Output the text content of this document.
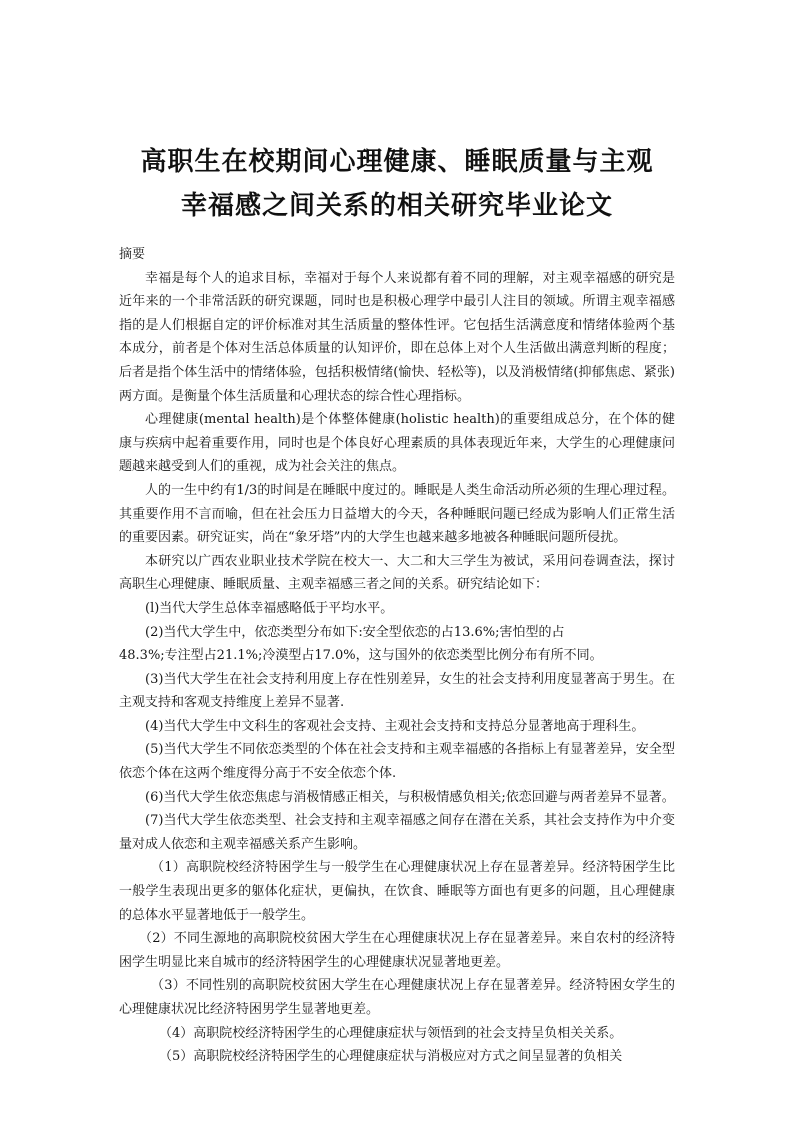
高职生在校期间心理健康、睡眠质量与主观
幸福感之间关系的相关研究毕业论文

摘要

幸福是每个人的追求目标，幸福对于每个人来说都有着不同的理解，对主观幸福感的研究是近年来的一个非常活跃的研究课题，同时也是积极心理学中最引人注目的领域。所谓主观幸福感指的是人们根据自定的评价标准对其生活质量的整体性评。它包括生活满意度和情绪体验两个基本成分，前者是个体对生活总体质量的认知评价，即在总体上对个人生活做出满意判断的程度；后者是指个体生活中的情绪体验，包括积极情绪(愉快、轻松等)，以及消极情绪(抑郁焦虑、紧张)两方面。是衡量个体生活质量和心理状态的综合性心理指标。

心理健康(mental health)是个体整体健康(holistic health)的重要组成总分，在个体的健康与疾病中起着重要作用，同时也是个体良好心理素质的具体表现近年来，大学生的心理健康问题越来越受到人们的重视，成为社会关注的焦点。

人的一生中约有1/3的时间是在睡眠中度过的。睡眠是人类生命活动所必须的生理心理过程。其重要作用不言而喻，但在社会压力日益增大的今天，各种睡眠问题已经成为影响人们正常生活的重要因素。研究证实，尚在“象牙塔”内的大学生也越来越多地被各种睡眠问题所侵扰。

本研究以广西农业职业技术学院在校大一、大二和大三学生为被试，采用问卷调查法，探讨高职生心理健康、睡眠质量、主观幸福感三者之间的关系。研究结论如下：

(l)当代大学生总体幸福感略低于平均水平。

(2)当代大学生中，依恋类型分布如下:安全型依恋的占13.6%;害怕型的占

48.3%;专注型占21.1%;冷漠型占17.0%，这与国外的依恋类型比例分布有所不同。

(3)当代大学生在社会支持利用度上存在性别差异，女生的社会支持利用度显著高于男生。在主观支持和客观支持维度上差异不显著.

(4)当代大学生中文科生的客观社会支持、主观社会支持和支持总分显著地高于理科生。

(5)当代大学生不同依恋类型的个体在社会支持和主观幸福感的各指标上有显著差异，安全型依恋个体在这两个维度得分高于不安全依恋个体.

(6)当代大学生依恋焦虑与消极情感正相关，与积极情感负相关;依恋回避与两者差异不显著。

(7)当代大学生依恋类型、社会支持和主观幸福感之间存在潜在关系，其社会支持作为中介变量对成人依恋和主观幸福感关系产生影响。

（1）高职院校经济特困学生与一般学生在心理健康状况上存在显著差异。经济特困学生比一般学生表现出更多的躯体化症状，更偏执，在饮食、睡眠等方面也有更多的问题，且心理健康的总体水平显著地低于一般学生。

（2）不同生源地的高职院校贫困大学生在心理健康状况上存在显著差异。来自农村的经济特困学生明显比来自城市的经济特困学生的心理健康状况显著地更差。

（3）不同性别的高职院校贫困大学生在心理健康状况上存在显著差异。经济特困女学生的心理健康状况比经济特困男学生显著地更差。

（4）高职院校经济特困学生的心理健康症状与领悟到的社会支持呈负相关关系。

（5）高职院校经济特困学生的心理健康症状与消极应对方式之间呈显著的负相关
